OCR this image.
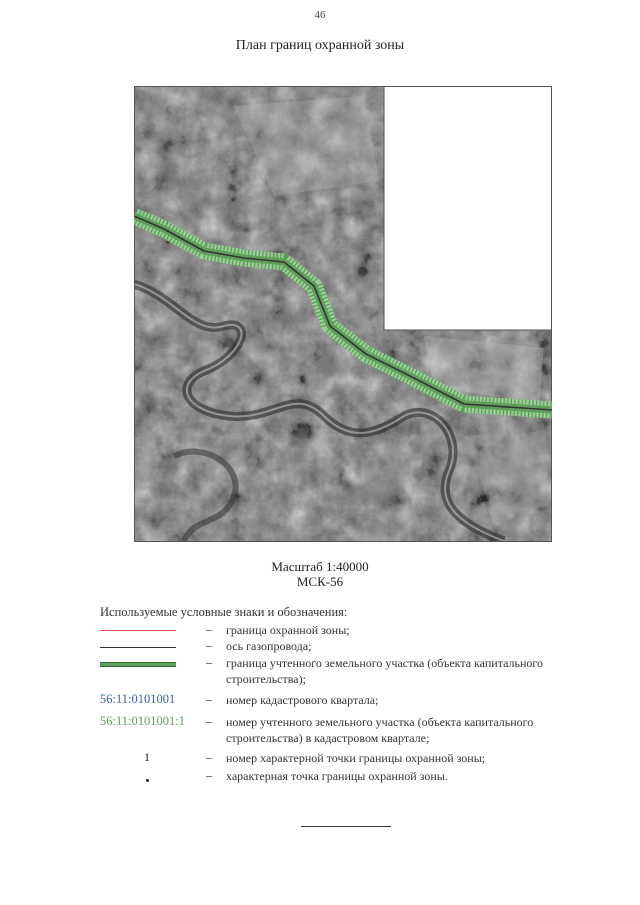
46
План границ охранной зоны
Масштаб 1:40000
МСК-56
Используемые условные знаки и обозначения:
– граница охранной зоны;
– ось газопровода;
– граница учтенного земельного участка (объекта капитального строительства);
56:11:0101001	– номер кадастрового квартала;
56:11:0101001:1 – номер учтенного земельного участка (объекта капитального строительства) в кадастровом квартале;
1	– номер характерной точки границы охранной зоны;
– характерная точка границы охранной зоны.
